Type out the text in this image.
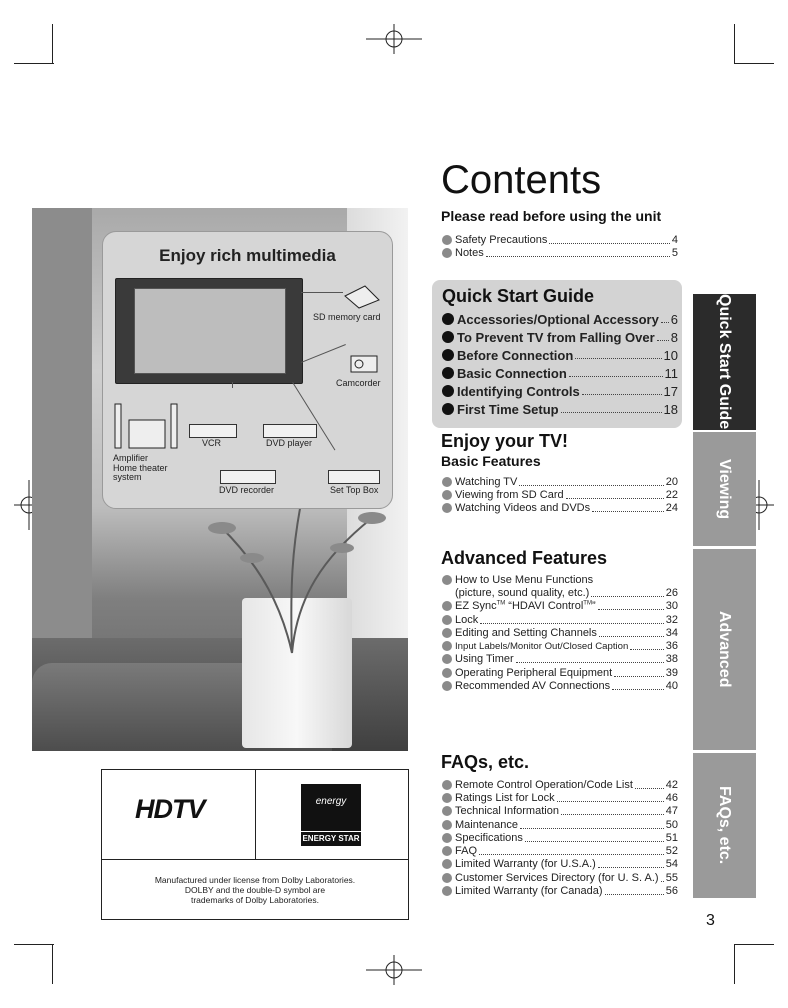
Enjoy rich multimedia
SD memory card
Camcorder
VCR	DVD player
Amplifier
Home theater
system
DVD recorder	Set Top Box
Contents
Please read before using the unit
Safety Precautions	4
Notes	5
Quick Start Guide
Accessories/Optional Accessory 6
To Prevent TV from Falling Over 8
Before Connection	10
Basic Connection	11
Identifying Controls	17
First Time Setup	18
Enjoy your TV!
Basic Features
Watching TV	20
Viewing from SD Card	22
Watching Videos and DVDs	24
Advanced Features
How to Use Menu Functions
(picture, sound quality, etc.)	26
EZ Sync™ “HDAVI Control™”	30
Lock	32
Editing and Setting Channels	34
Input Labels/Monitor Out/Closed Caption	36
Using Timer	38
Operating Peripheral Equipment	39
Recommended AV Connections	40
FAQs, etc.
Remote Control Operation/Code List	42
Ratings List for Lock	46
Technical Information	47
Maintenance	50
Specifications	51
FAQ	52
Limited Warranty (for U.S.A.)	54
Customer Services Directory (for U. S. A.) 55
Limited Warranty (for Canada)	56
Quick Start Guide
Viewing
Advanced
FAQs, etc.
HDTV	energy
ENERGY STAR
Manufactured under license from Dolby Laboratories.
DOLBY and the double-D symbol are
trademarks of Dolby Laboratories.
3
